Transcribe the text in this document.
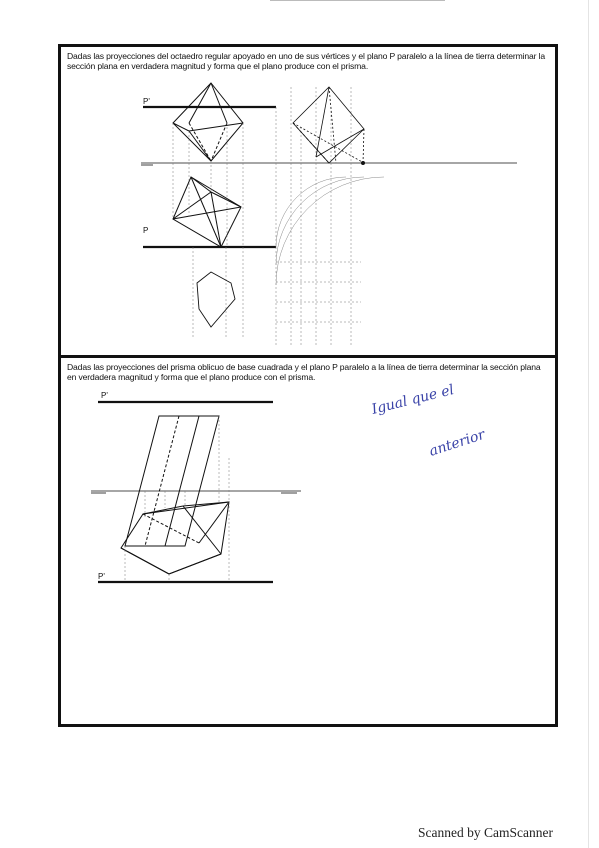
Dadas las proyecciones del octaedro regular apoyado en uno de sus vértices y el plano P paralelo a la línea de tierra determinar la sección plana en verdadera magnitud y forma que el plano produce con el prisma.
P'
P
Dadas las proyecciones del prisma oblicuo de base cuadrada y el plano P paralelo a la línea de tierra determinar la sección plana en verdadera magnitud y forma que el plano produce con el prisma.
P'
P'
Igual que el
anterior
Scanned by CamScanner
